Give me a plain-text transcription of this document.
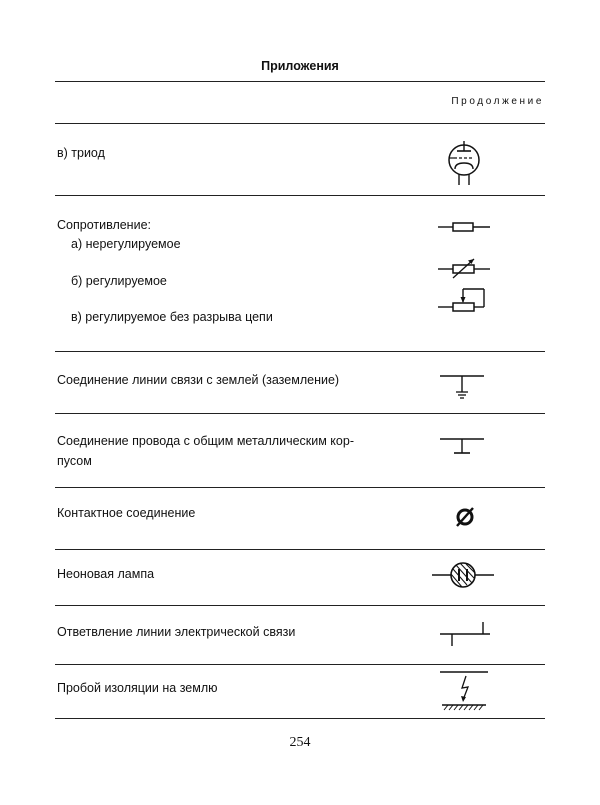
Приложения
Продолжение
в) триод
Сопротивление:
а) нерегулируемое
б) регулируемое
в) регулируемое без разрыва цепи
Соединение линии связи с землей (заземление)
Соединение провода с общим металлическим кор-
пусом
Контактное соединение
Неоновая лампа
Ответвление линии электрической связи
Пробой изоляции на землю
254
